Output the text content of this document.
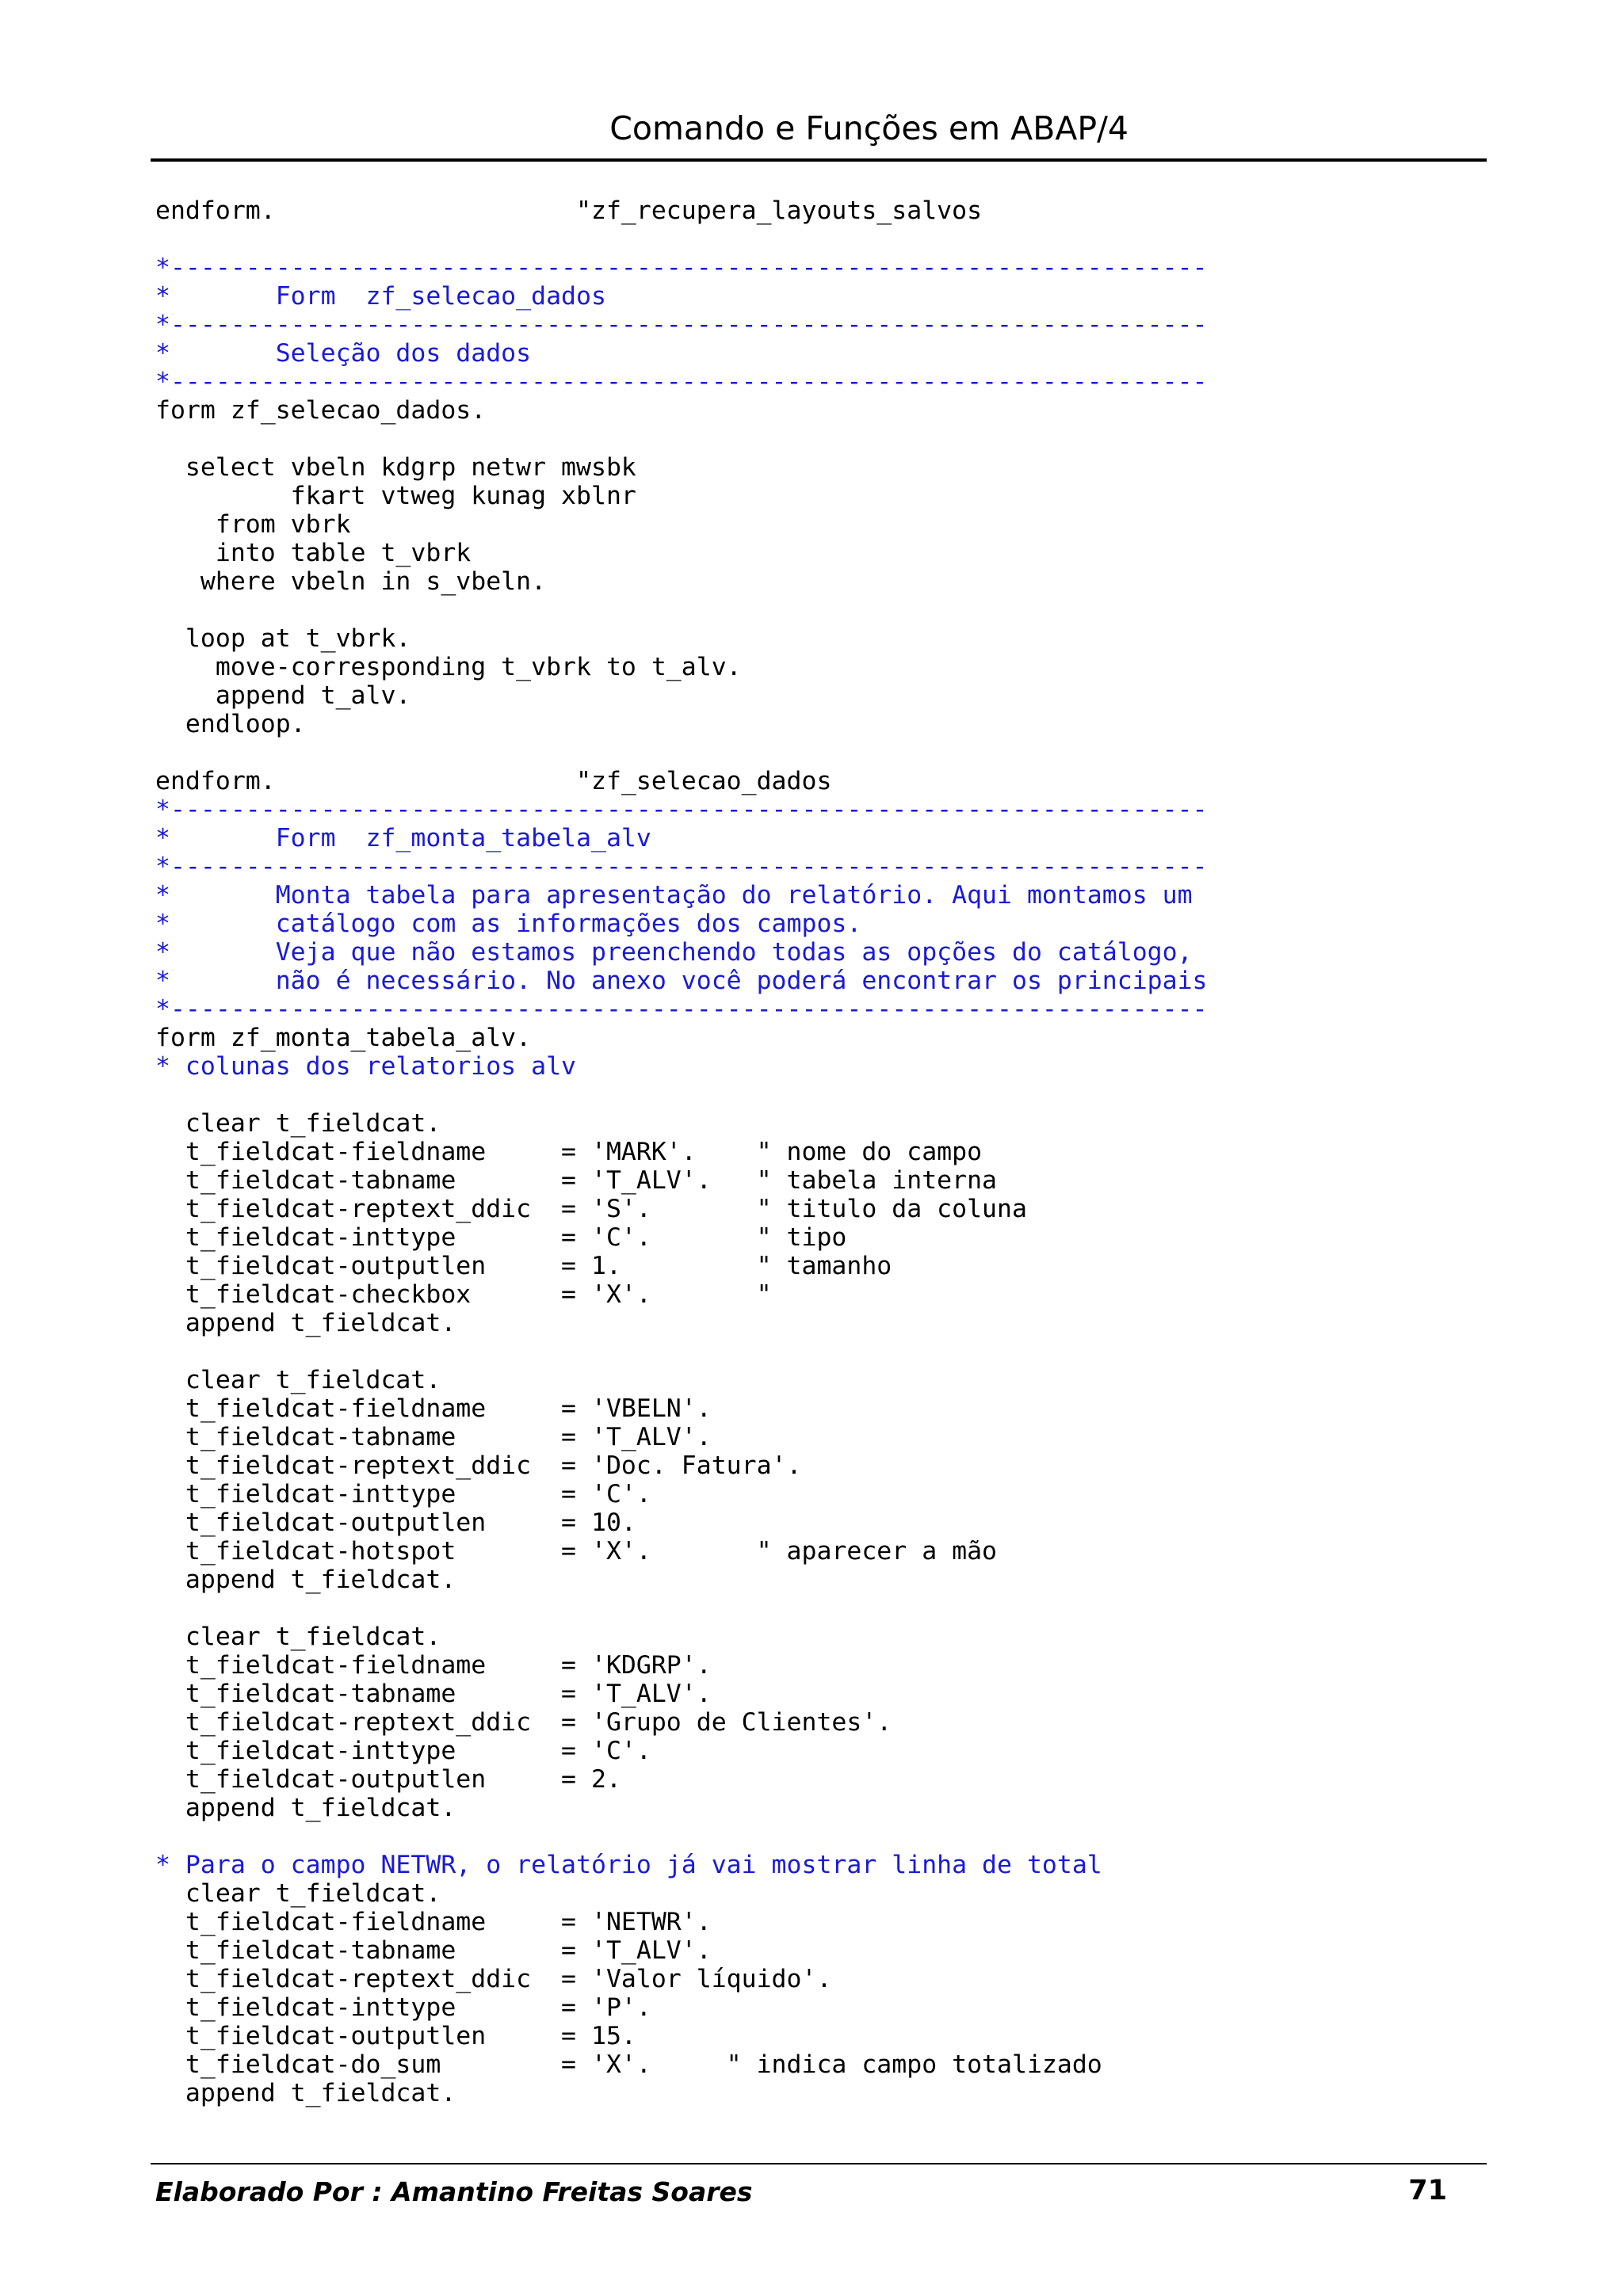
Comando e Funções em ABAP/4
endform.                    "zf_recupera_layouts_salvos
*---------------------------------------------------------------------
*       Form  zf_selecao_dados
*---------------------------------------------------------------------
*       Seleção dos dados
*---------------------------------------------------------------------
form zf_selecao_dados.
select vbeln kdgrp netwr mwsbk
fkart vtweg kunag xblnr
from vbrk
into table t_vbrk
where vbeln in s_vbeln.
loop at t_vbrk.
move-corresponding t_vbrk to t_alv.
append t_alv.
endloop.
endform.                    "zf_selecao_dados
*---------------------------------------------------------------------
*       Form  zf_monta_tabela_alv
*---------------------------------------------------------------------
*       Monta tabela para apresentação do relatório. Aqui montamos um
*       catálogo com as informações dos campos.
*       Veja que não estamos preenchendo todas as opções do catálogo,
*       não é necessário. No anexo você poderá encontrar os principais
*---------------------------------------------------------------------
form zf_monta_tabela_alv.
* colunas dos relatorios alv
clear t_fieldcat.
t_fieldcat-fieldname     = 'MARK'.    " nome do campo
t_fieldcat-tabname       = 'T_ALV'.   " tabela interna
t_fieldcat-reptext_ddic  = 'S'.       " titulo da coluna
t_fieldcat-inttype       = 'C'.       " tipo
t_fieldcat-outputlen     = 1.         " tamanho
t_fieldcat-checkbox      = 'X'.       "
append t_fieldcat.
clear t_fieldcat.
t_fieldcat-fieldname     = 'VBELN'.
t_fieldcat-tabname       = 'T_ALV'.
t_fieldcat-reptext_ddic  = 'Doc. Fatura'.
t_fieldcat-inttype       = 'C'.
t_fieldcat-outputlen     = 10.
t_fieldcat-hotspot       = 'X'.       " aparecer a mão
append t_fieldcat.
clear t_fieldcat.
t_fieldcat-fieldname     = 'KDGRP'.
t_fieldcat-tabname       = 'T_ALV'.
t_fieldcat-reptext_ddic  = 'Grupo de Clientes'.
t_fieldcat-inttype       = 'C'.
t_fieldcat-outputlen     = 2.
append t_fieldcat.
* Para o campo NETWR, o relatório já vai mostrar linha de total
clear t_fieldcat.
t_fieldcat-fieldname     = 'NETWR'.
t_fieldcat-tabname       = 'T_ALV'.
t_fieldcat-reptext_ddic  = 'Valor líquido'.
t_fieldcat-inttype       = 'P'.
t_fieldcat-outputlen     = 15.
t_fieldcat-do_sum        = 'X'.     " indica campo totalizado
append t_fieldcat.
Elaborado Por : Amantino Freitas Soares	71
